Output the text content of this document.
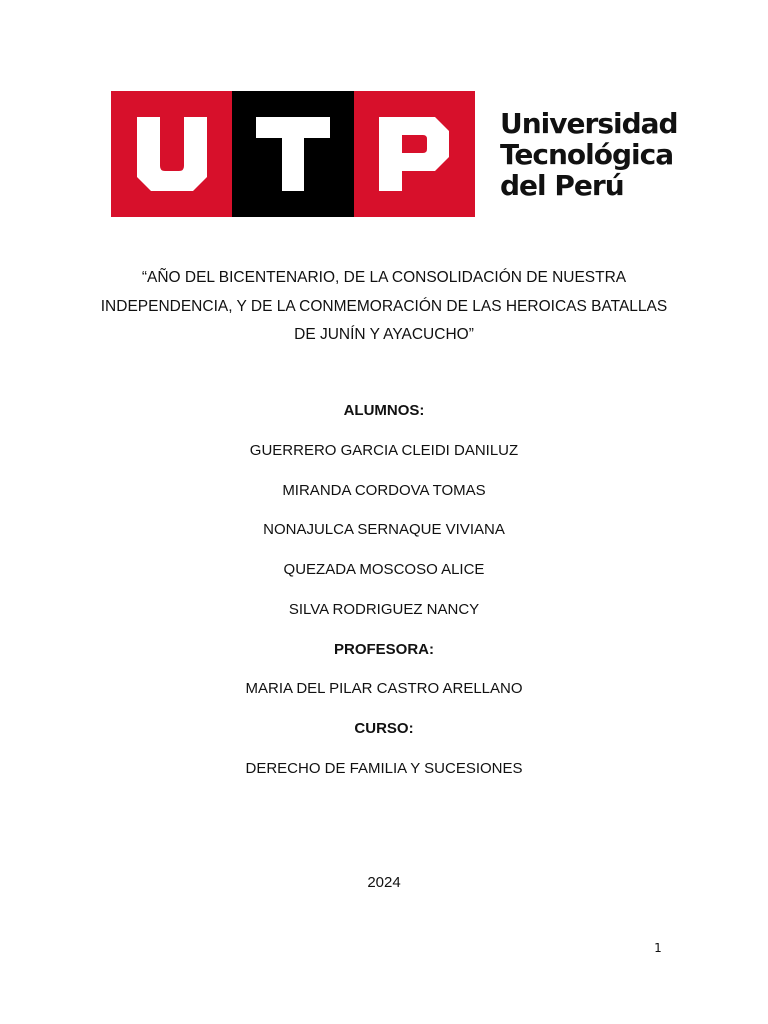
Universidad
Tecnológica
del Perú
“AÑO DEL BICENTENARIO, DE LA CONSOLIDACIÓN DE NUESTRA
INDEPENDENCIA, Y DE LA CONMEMORACIÓN DE LAS HEROICAS BATALLAS
DE JUNÍN Y AYACUCHO”
ALUMNOS:
GUERRERO GARCIA CLEIDI DANILUZ
MIRANDA CORDOVA TOMAS
NONAJULCA SERNAQUE VIVIANA
QUEZADA MOSCOSO ALICE
SILVA RODRIGUEZ NANCY
PROFESORA:
MARIA DEL PILAR CASTRO ARELLANO
CURSO:
DERECHO DE FAMILIA Y SUCESIONES
2024
1
